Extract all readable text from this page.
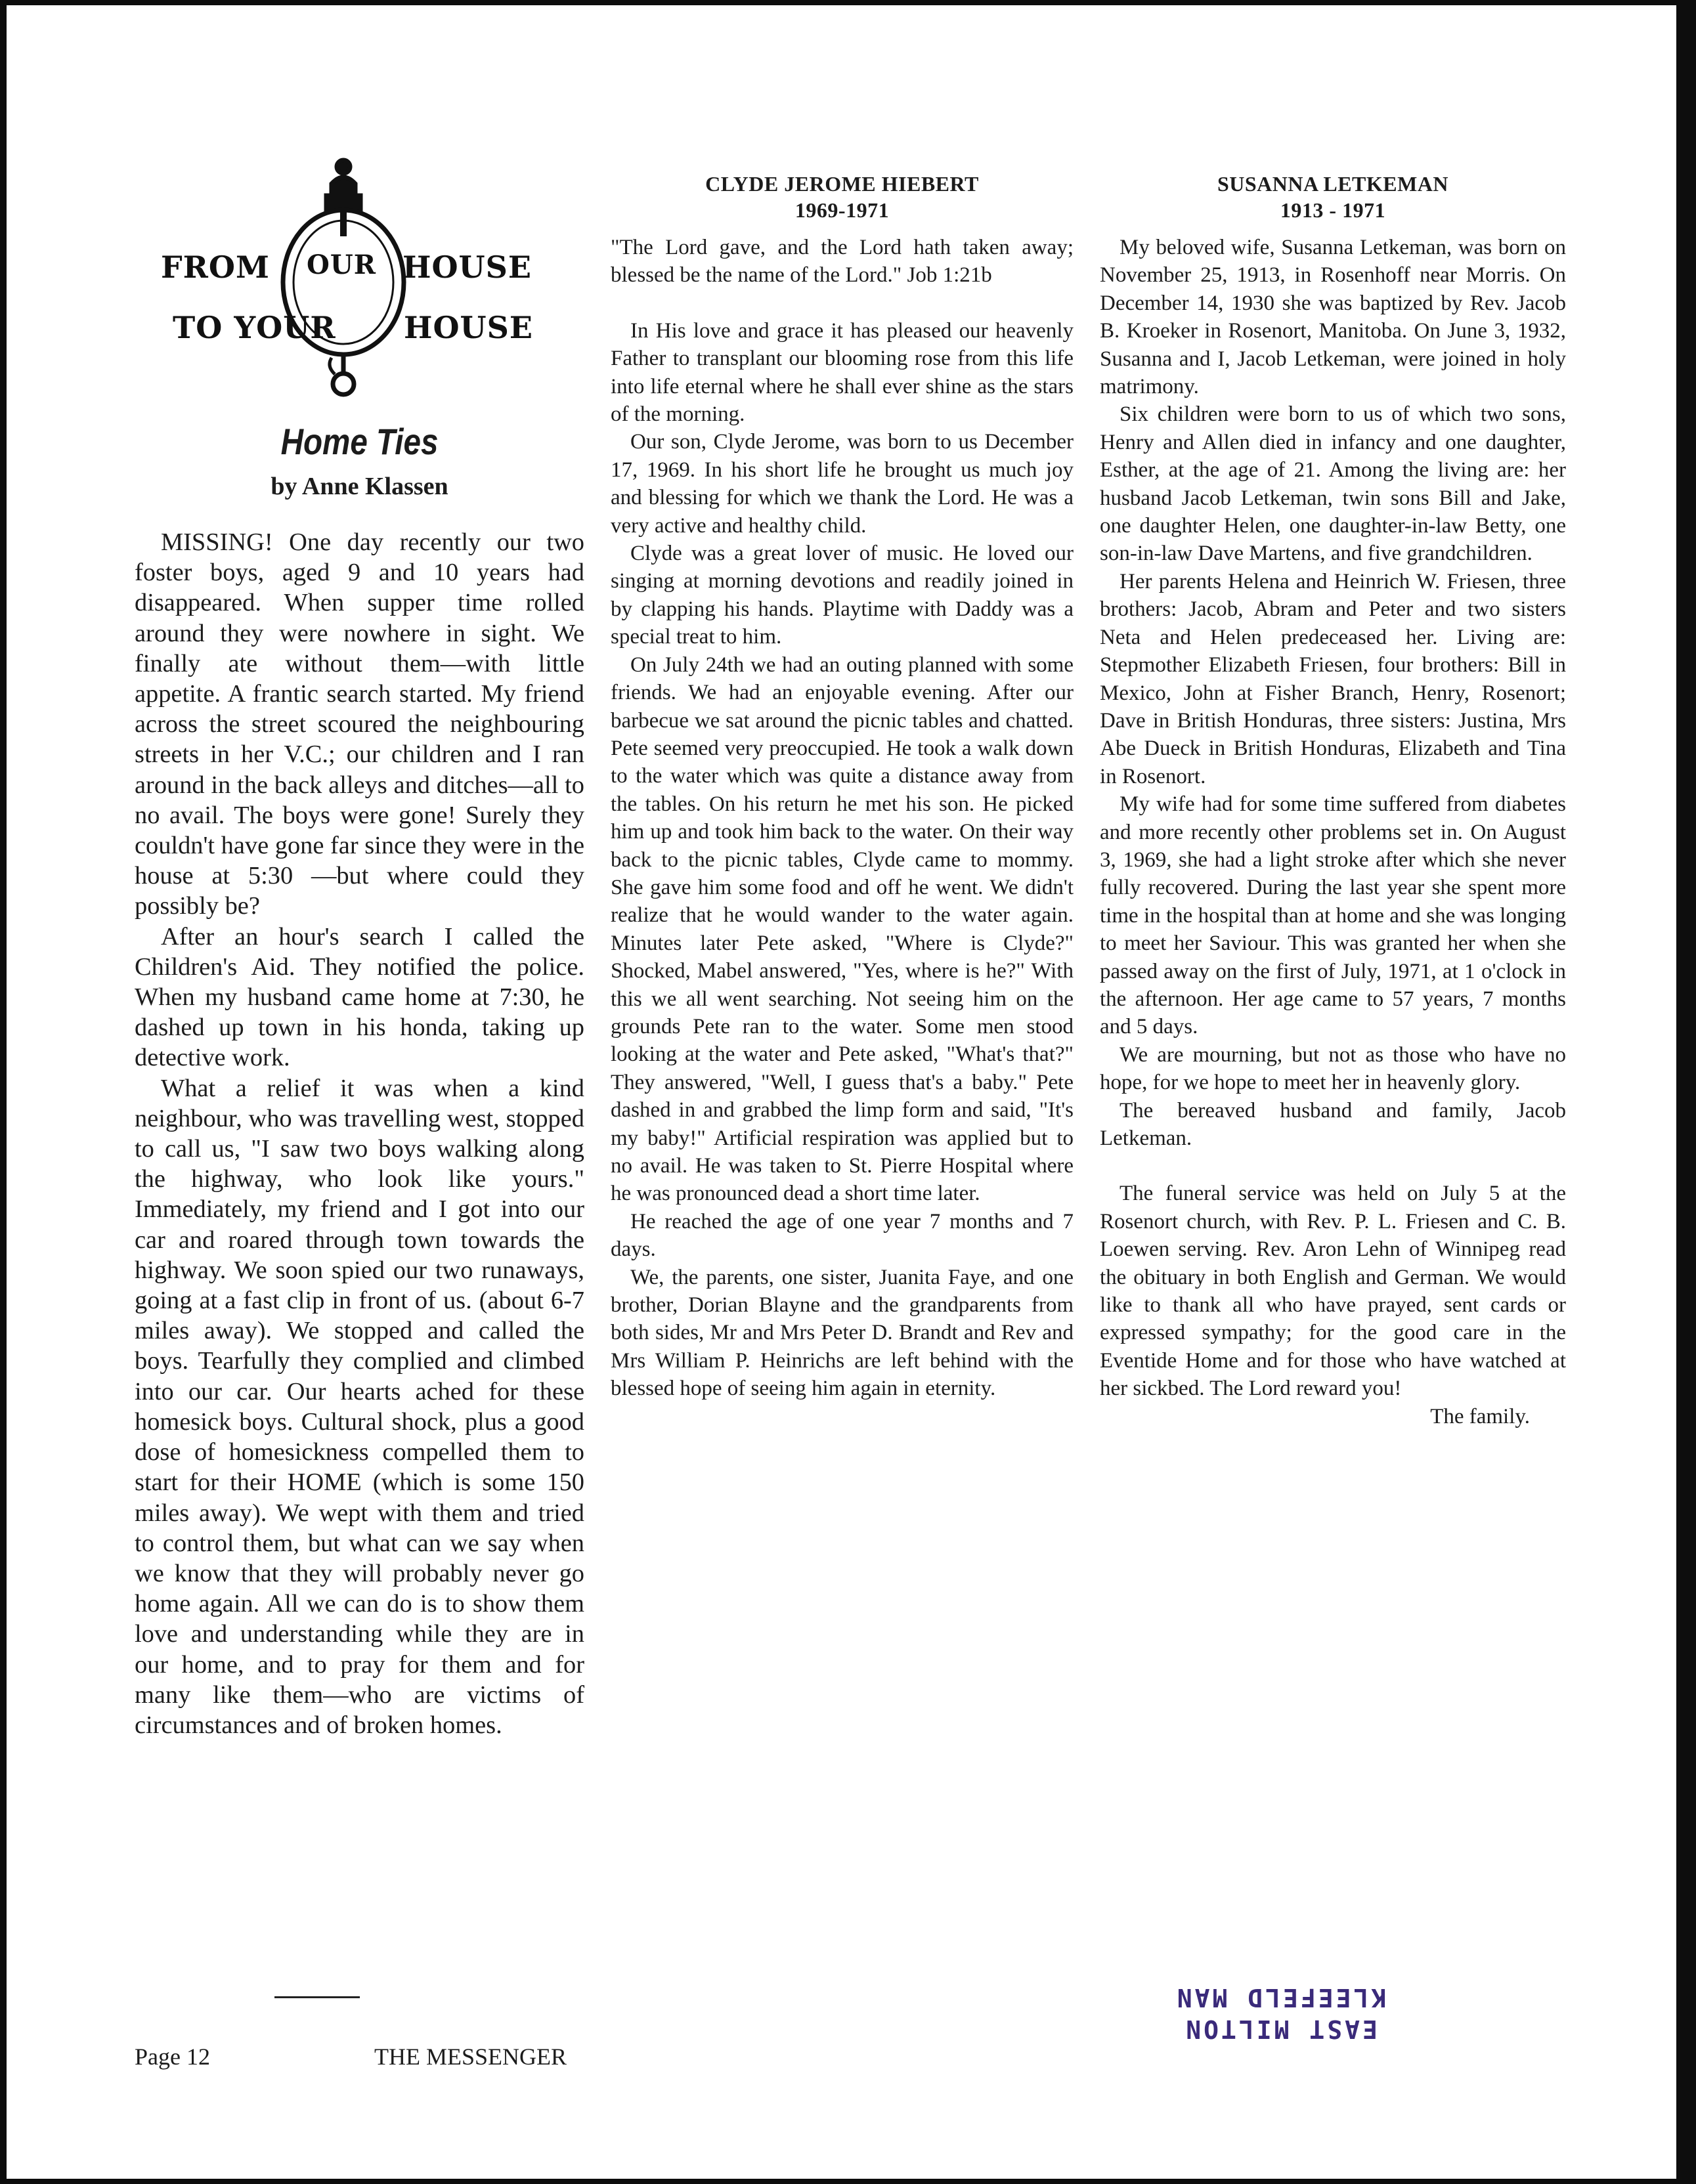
FROM OUR HOUSE
TO YOUR HOUSE
Home Ties
by Anne Klassen

MISSING! One day recently our two foster boys, aged 9 and 10 years had disappeared. When supper time rolled around they were nowhere in sight. We finally ate without them—with little appetite. A frantic search started. My friend across the street scoured the neighbouring streets in her V.C.; our children and I ran around in the back alleys and ditches—all to no avail. The boys were gone! Surely they couldn't have gone far since they were in the house at 5:30 —but where could they possibly be?

After an hour's search I called the Children's Aid. They notified the police. When my husband came home at 7:30, he dashed up town in his honda, taking up detective work.

What a relief it was when a kind neighbour, who was travelling west, stopped to call us, "I saw two boys walking along the highway, who look like yours." Immediately, my friend and I got into our car and roared through town towards the highway. We soon spied our two runaways, going at a fast clip in front of us. (about 6-7 miles away). We stopped and called the boys. Tearfully they complied and climbed into our car. Our hearts ached for these homesick boys. Cultural shock, plus a good dose of homesickness compelled them to start for their HOME (which is some 150 miles away). We wept with them and tried to control them, but what can we say when we know that they will probably never go home again. All we can do is to show them love and understanding while they are in our home, and to pray for them and for many like them—who are victims of circumstances and of broken homes.

CLYDE JEROME HIEBERT
1969-1971

"The Lord gave, and the Lord hath taken away; blessed be the name of the Lord." Job 1:21b

In His love and grace it has pleased our heavenly Father to transplant our blooming rose from this life into life eternal where he shall ever shine as the stars of the morning.

Our son, Clyde Jerome, was born to us December 17, 1969. In his short life he brought us much joy and blessing for which we thank the Lord. He was a very active and healthy child.

Clyde was a great lover of music. He loved our singing at morning devotions and readily joined in by clapping his hands. Playtime with Daddy was a special treat to him.

On July 24th we had an outing planned with some friends. We had an enjoyable evening. After our barbecue we sat around the picnic tables and chatted. Pete seemed very preoccupied. He took a walk down to the water which was quite a distance away from the tables. On his return he met his son. He picked him up and took him back to the water. On their way back to the picnic tables, Clyde came to mommy. She gave him some food and off he went. We didn't realize that he would wander to the water again. Minutes later Pete asked, "Where is Clyde?" Shocked, Mabel answered, "Yes, where is he?" With this we all went searching. Not seeing him on the grounds Pete ran to the water. Some men stood looking at the water and Pete asked, "What's that?" They answered, "Well, I guess that's a baby." Pete dashed in and grabbed the limp form and said, "It's my baby!" Artificial respiration was applied but to no avail. He was taken to St. Pierre Hospital where he was pronounced dead a short time later.

He reached the age of one year 7 months and 7 days.

We, the parents, one sister, Juanita Faye, and one brother, Dorian Blayne and the grandparents from both sides, Mr and Mrs Peter D. Brandt and Rev and Mrs William P. Heinrichs are left behind with the blessed hope of seeing him again in eternity.

SUSANNA LETKEMAN
1913 - 1971

My beloved wife, Susanna Letkeman, was born on November 25, 1913, in Rosenhoff near Morris. On December 14, 1930 she was baptized by Rev. Jacob B. Kroeker in Rosenort, Manitoba. On June 3, 1932, Susanna and I, Jacob Letkeman, were joined in holy matrimony.

Six children were born to us of which two sons, Henry and Allen died in infancy and one daughter, Esther, at the age of 21. Among the living are: her husband Jacob Letkeman, twin sons Bill and Jake, one daughter Helen, one daughter-in-law Betty, one son-in-law Dave Martens, and five grandchildren.

Her parents Helena and Heinrich W. Friesen, three brothers: Jacob, Abram and Peter and two sisters Neta and Helen predeceased her. Living are: Stepmother Elizabeth Friesen, four brothers: Bill in Mexico, John at Fisher Branch, Henry, Rosenort; Dave in British Honduras, three sisters: Justina, Mrs Abe Dueck in British Honduras, Elizabeth and Tina in Rosenort.

My wife had for some time suffered from diabetes and more recently other problems set in. On August 3, 1969, she had a light stroke after which she never fully recovered. During the last year she spent more time in the hospital than at home and she was longing to meet her Saviour. This was granted her when she passed away on the first of July, 1971, at 1 o'clock in the afternoon. Her age came to 57 years, 7 months and 5 days.

We are mourning, but not as those who have no hope, for we hope to meet her in heavenly glory.

The bereaved husband and family, Jacob Letkeman.

The funeral service was held on July 5 at the Rosenort church, with Rev. P. L. Friesen and C. B. Loewen serving. Rev. Aron Lehn of Winnipeg read the obituary in both English and German. We would like to thank all who have prayed, sent cards or expressed sympathy; for the good care in the Eventide Home and for those who have watched at her sickbed. The Lord reward you!

The family.
Page 12	THE MESSENGER
EAST MILTON
KLEEFELD MAN
